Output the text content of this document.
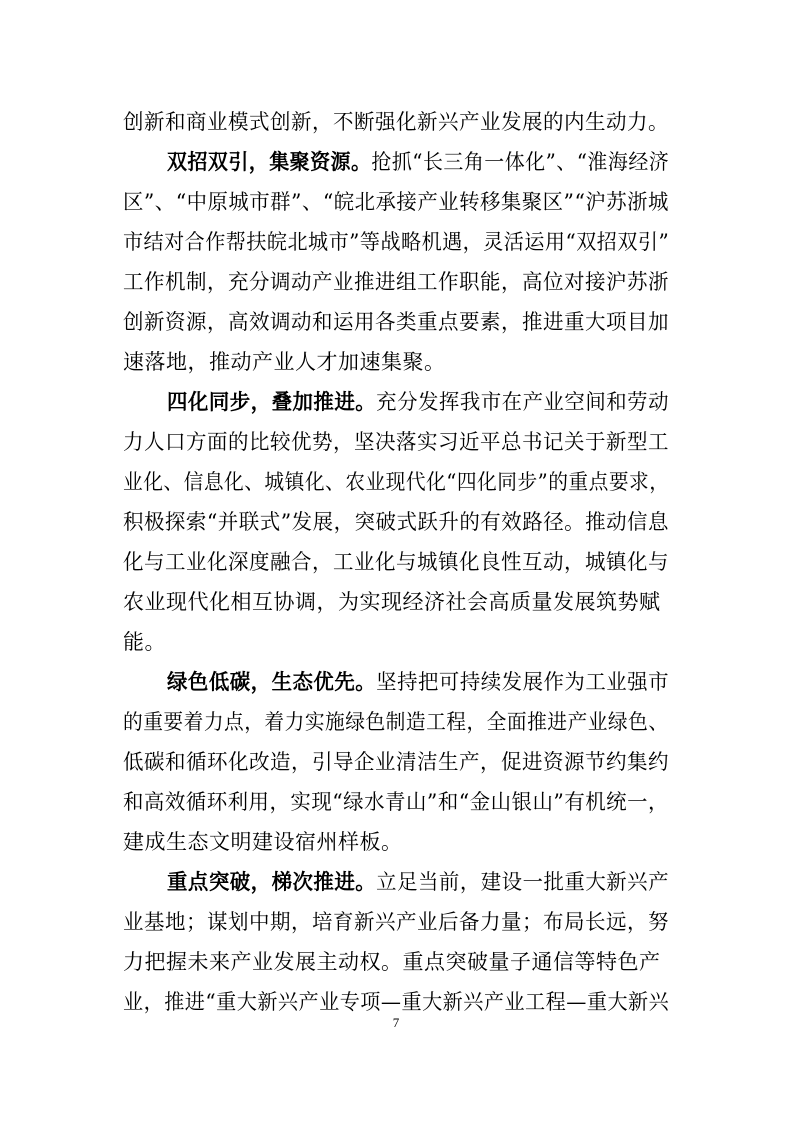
创新和商业模式创新，不断强化新兴产业发展的内生动力。
双招双引，集聚资源。抢抓“长三角一体化”、“淮海经济
区”、“中原城市群”、“皖北承接产业转移集聚区”“沪苏浙城
市结对合作帮扶皖北城市”等战略机遇，灵活运用“双招双引”
工作机制，充分调动产业推进组工作职能，高位对接沪苏浙
创新资源，高效调动和运用各类重点要素，推进重大项目加
速落地，推动产业人才加速集聚。
四化同步，叠加推进。充分发挥我市在产业空间和劳动
力人口方面的比较优势，坚决落实习近平总书记关于新型工
业化、信息化、城镇化、农业现代化“四化同步”的重点要求，
积极探索“并联式”发展，突破式跃升的有效路径。推动信息
化与工业化深度融合，工业化与城镇化良性互动，城镇化与
农业现代化相互协调，为实现经济社会高质量发展筑势赋
能。
绿色低碳，生态优先。坚持把可持续发展作为工业强市
的重要着力点，着力实施绿色制造工程，全面推进产业绿色、
低碳和循环化改造，引导企业清洁生产，促进资源节约集约
和高效循环利用，实现“绿水青山”和“金山银山”有机统一，
建成生态文明建设宿州样板。
重点突破，梯次推进。立足当前，建设一批重大新兴产
业基地；谋划中期，培育新兴产业后备力量；布局长远，努
力把握未来产业发展主动权。重点突破量子通信等特色产
业，推进“重大新兴产业专项—重大新兴产业工程—重大新兴
7
